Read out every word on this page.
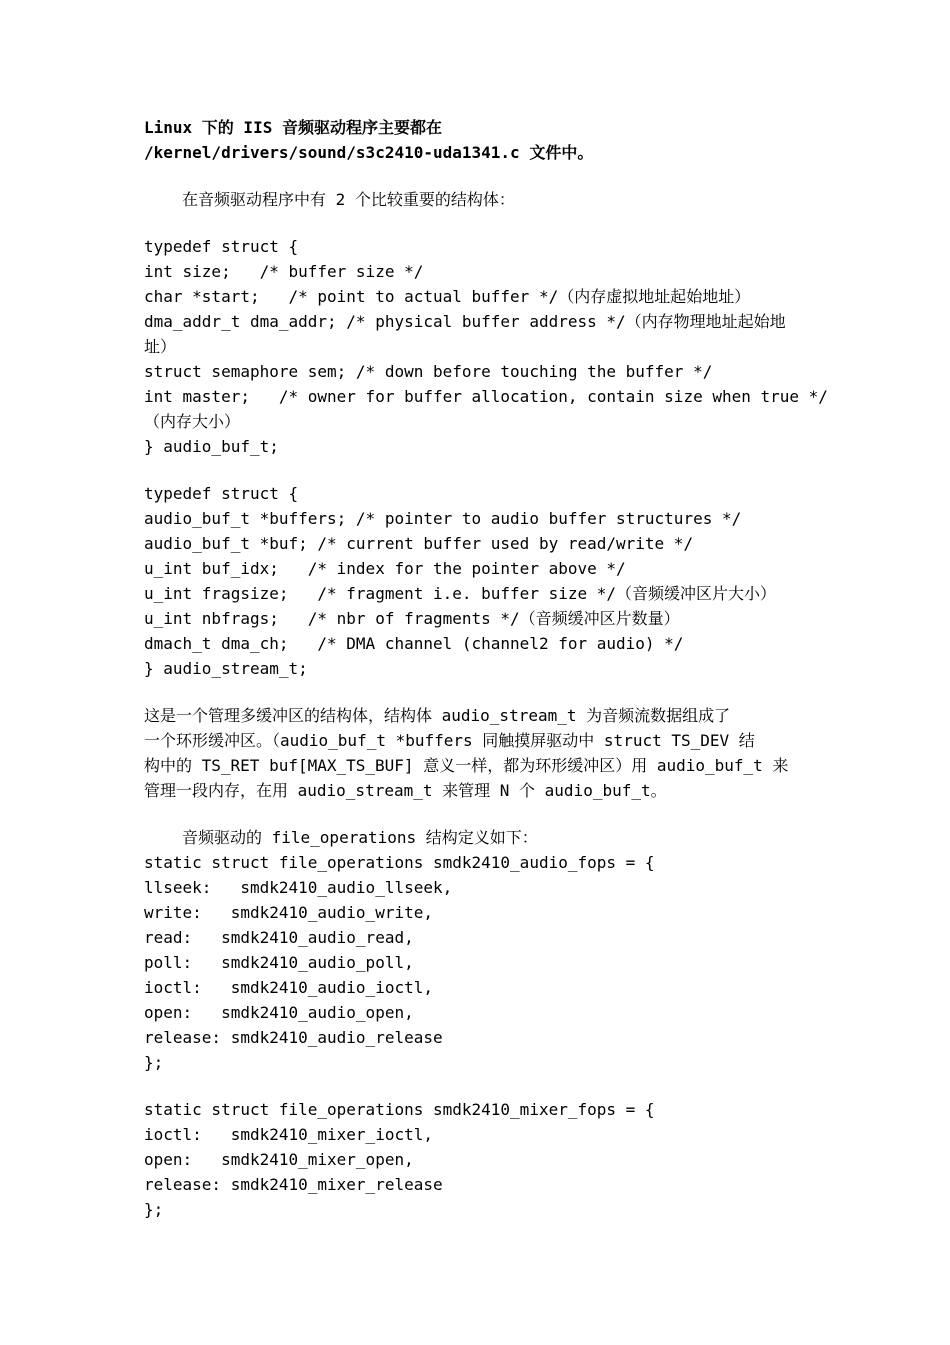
Linux 下的 IIS 音频驱动程序主要都在
/kernel/drivers/sound/s3c2410-uda1341.c 文件中。
在音频驱动程序中有 2 个比较重要的结构体：
typedef struct {
int size;   /* buffer size */
char *start;   /* point to actual buffer */（内存虚拟地址起始地址）
dma_addr_t dma_addr; /* physical buffer address */（内存物理地址起始地
址）
struct semaphore sem; /* down before touching the buffer */
int master;   /* owner for buffer allocation, contain size when true */
（内存大小）
} audio_buf_t;
typedef struct {
audio_buf_t *buffers; /* pointer to audio buffer structures */
audio_buf_t *buf; /* current buffer used by read/write */
u_int buf_idx;   /* index for the pointer above */
u_int fragsize;   /* fragment i.e. buffer size */（音频缓冲区片大小）
u_int nbfrags;   /* nbr of fragments */（音频缓冲区片数量）
dmach_t dma_ch;   /* DMA channel (channel2 for audio) */
} audio_stream_t;
这是一个管理多缓冲区的结构体，结构体 audio_stream_t 为音频流数据组成了
一个环形缓冲区。（audio_buf_t *buffers 同触摸屏驱动中 struct TS_DEV 结
构中的 TS_RET buf[MAX_TS_BUF] 意义一样，都为环形缓冲区）用 audio_buf_t 来
管理一段内存，在用 audio_stream_t 来管理 N 个 audio_buf_t。
音频驱动的 file_operations 结构定义如下：
static struct file_operations smdk2410_audio_fops = {
llseek:   smdk2410_audio_llseek,
write:   smdk2410_audio_write,
read:   smdk2410_audio_read,
poll:   smdk2410_audio_poll,
ioctl:   smdk2410_audio_ioctl,
open:   smdk2410_audio_open,
release: smdk2410_audio_release
};
static struct file_operations smdk2410_mixer_fops = {
ioctl:   smdk2410_mixer_ioctl,
open:   smdk2410_mixer_open,
release: smdk2410_mixer_release
};
